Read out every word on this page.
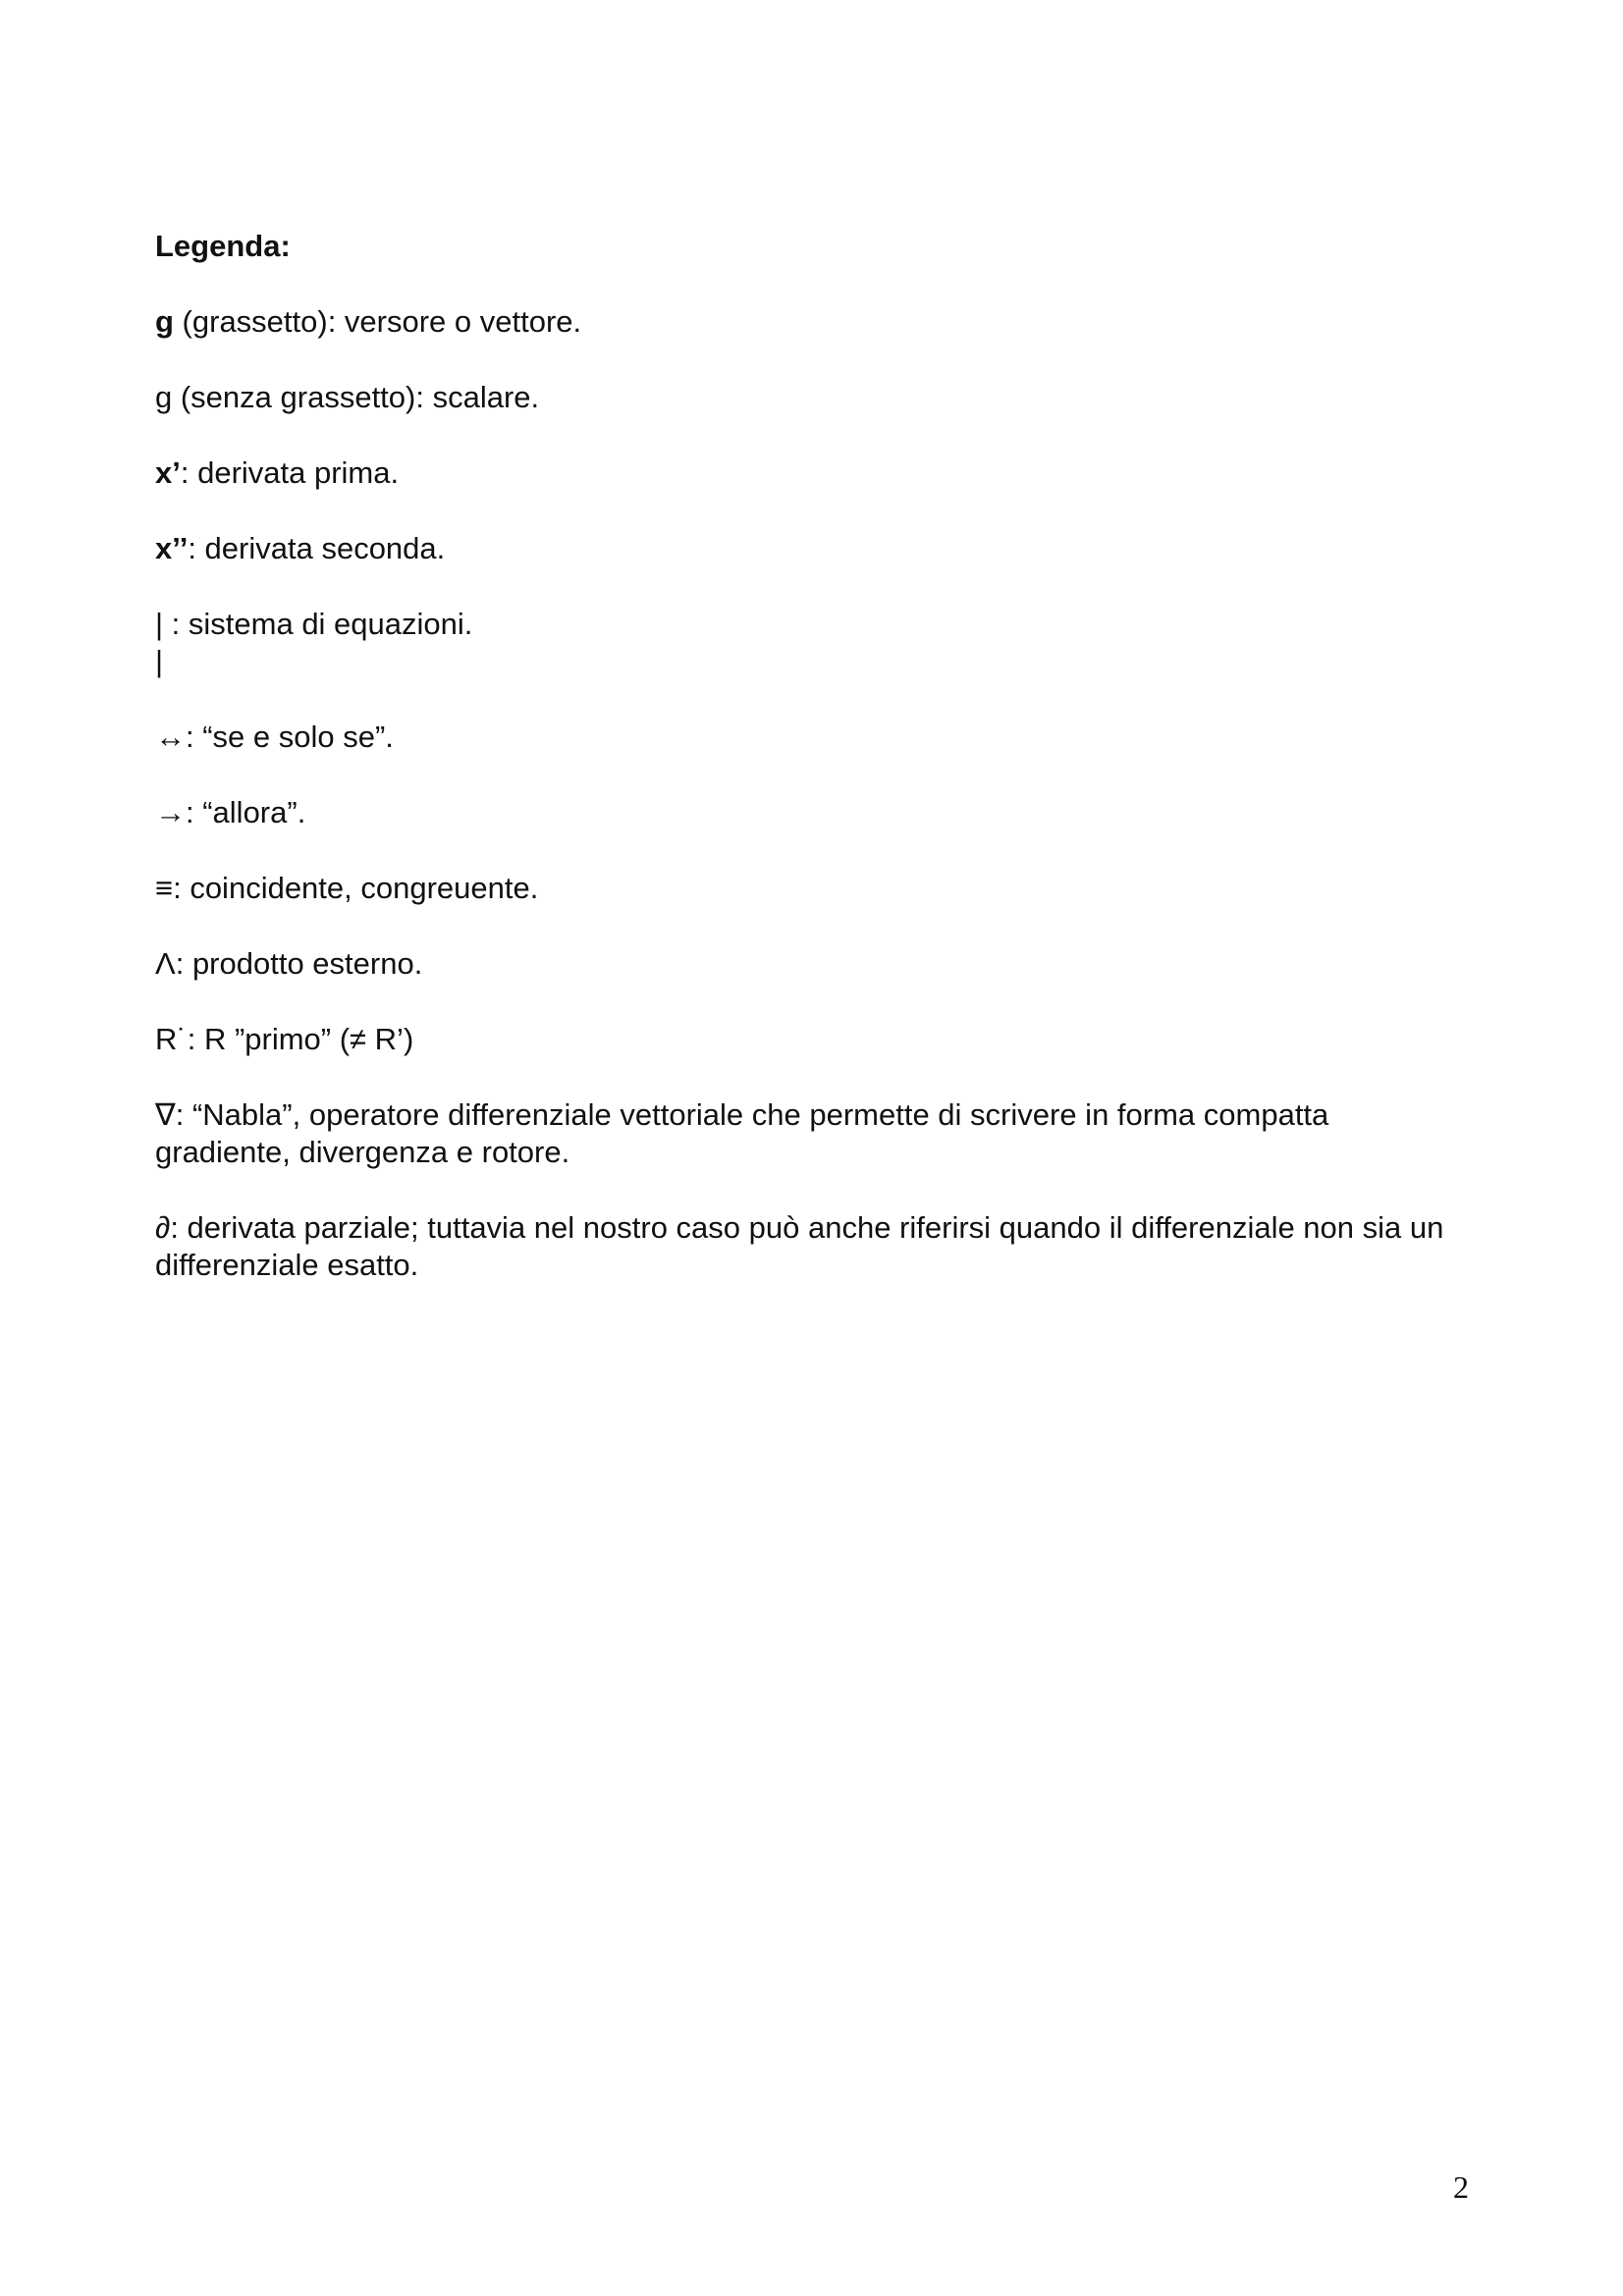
Legenda:
g (grassetto): versore o vettore.
g (senza grassetto): scalare.
x’: derivata prima.
x’’: derivata seconda.
| : sistema di equazioni.
|
↔: “se e solo se”.
→: “allora”.
≡: coincidente, congreuente.
Λ: prodotto esterno.
R˙: R ”primo” (≠ R’)
∇: “Nabla”, operatore differenziale vettoriale che permette di scrivere in forma compatta gradiente, divergenza e rotore.
∂: derivata parziale; tuttavia nel nostro caso può anche riferirsi quando il differenziale non sia un differenziale esatto.
2
